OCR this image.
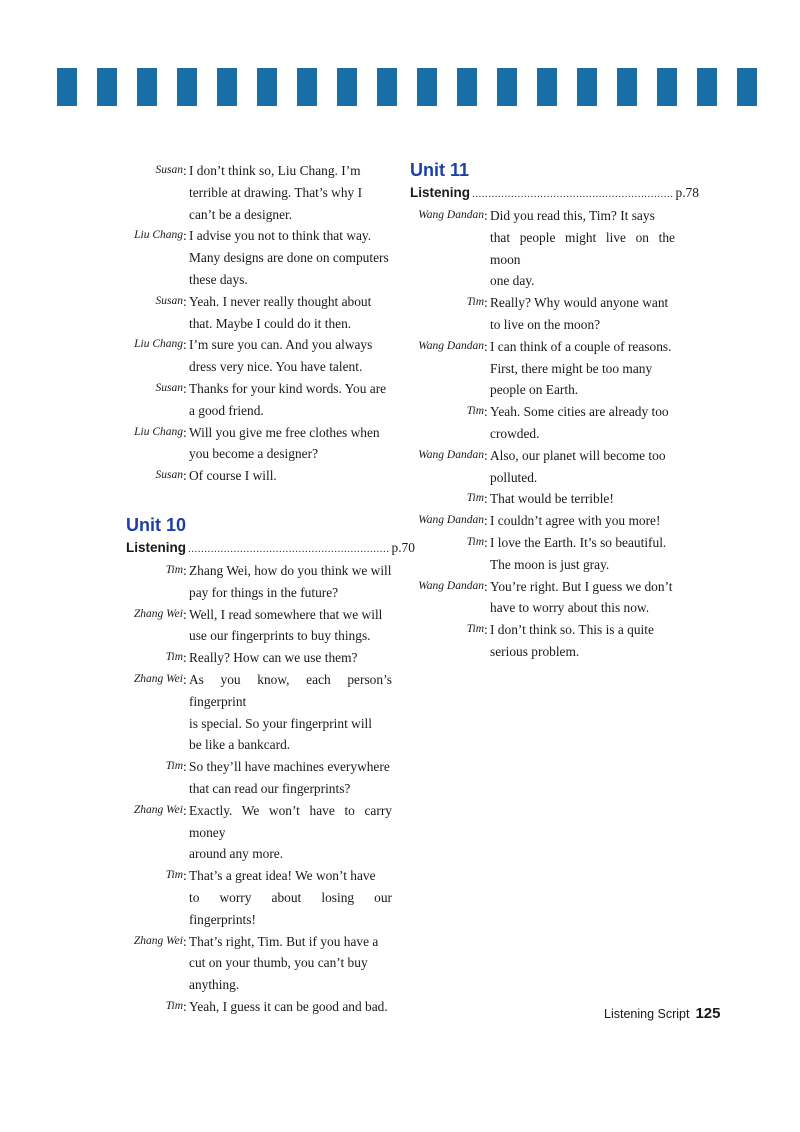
Susan : I don’t think so, Liu Chang. I’m
terrible at drawing. That’s why I
can’t be a designer.
Liu Chang : I advise you not to think that way.
Many designs are done on computers
these days.
Susan : Yeah. I never really thought about
that. Maybe I could do it then.
Liu Chang : I’m sure you can. And you always
dress very nice. You have talent.
Susan : Thanks for your kind words. You are
a good friend.
Liu Chang : Will you give me free clothes when
you become a designer?
Susan : Of course I will.
Unit 10
Listening .............................................................. p.70
Tim : Zhang Wei, how do you think we will
pay for things in the future?
Zhang Wei : Well, I read somewhere that we will
use our fingerprints to buy things.
Tim : Really? How can we use them?
Zhang Wei : As you know, each person’s fingerprint
is special. So your fingerprint will
be like a bankcard.
Tim : So they’ll have machines everywhere
that can read our fingerprints?
Zhang Wei : Exactly. We won’t have to carry money
around any more.
Tim : That’s a great idea! We won’t have
to worry about losing our fingerprints!
Zhang Wei : That’s right, Tim. But if you have a
cut on your thumb, you can’t buy
anything.
Tim : Yeah, I guess it can be good and bad.
Unit 11
Listening .............................................................. p.78
Wang Dandan : Did you read this, Tim? It says
that people might live on the moon
one day.
Tim : Really? Why would anyone want
to live on the moon?
Wang Dandan : I can think of a couple of reasons.
First, there might be too many
people on Earth.
Tim : Yeah. Some cities are already too
crowded.
Wang Dandan : Also, our planet will become too
polluted.
Tim : That would be terrible!
Wang Dandan : I couldn’t agree with you more!
Tim : I love the Earth. It’s so beautiful.
The moon is just gray.
Wang Dandan : You’re right. But I guess we don’t
have to worry about this now.
Tim : I don’t think so. This is a quite
serious problem.
Listening Script 125
